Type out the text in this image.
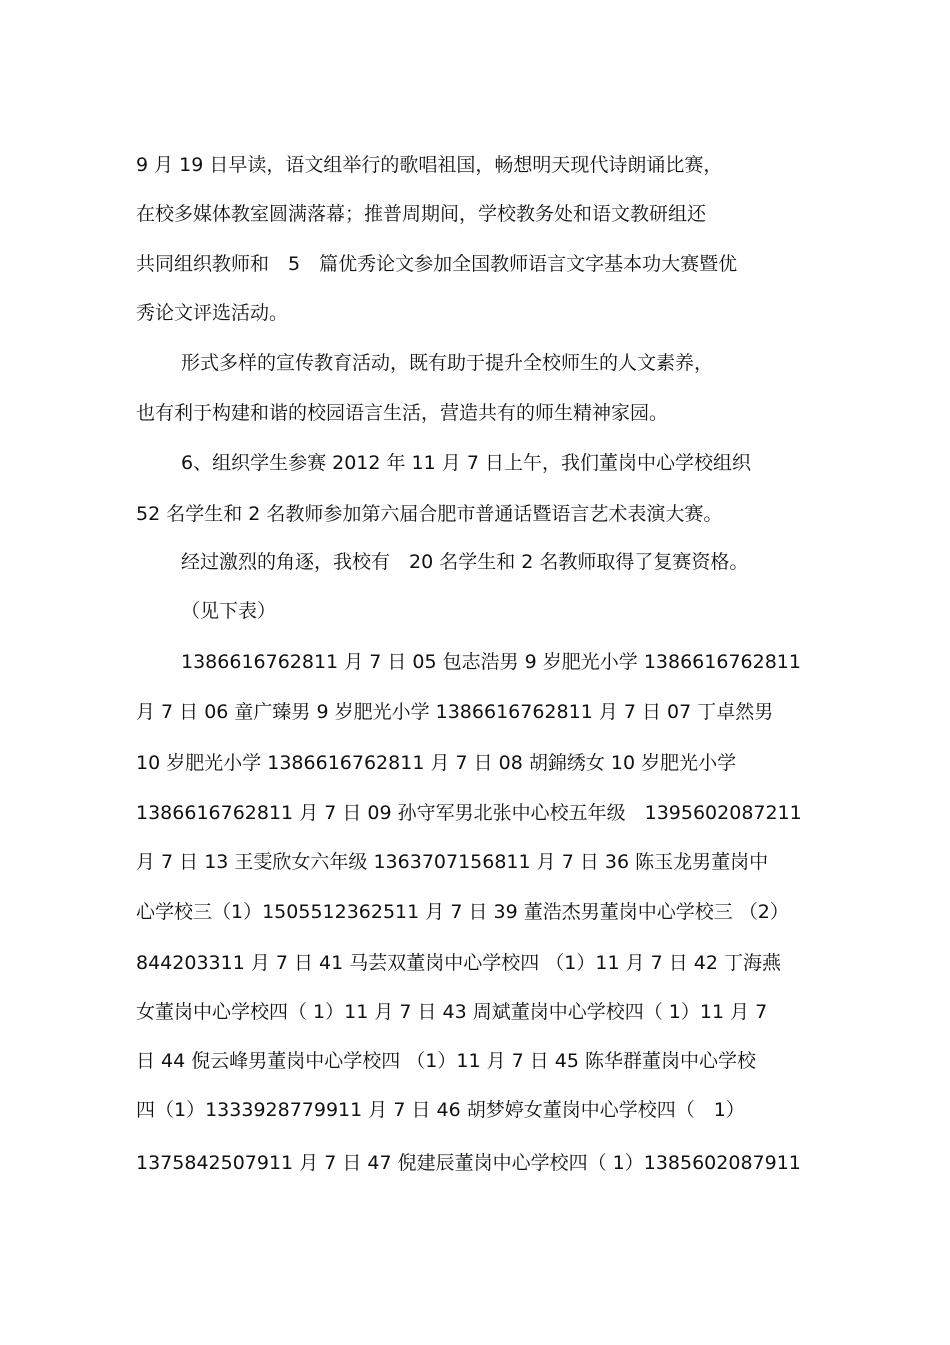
9 月 19 日早读，语文组举行的歌唱祖国，畅想明天现代诗朗诵比赛，
在校多媒体教室圆满落幕；推普周期间，学校教务处和语文教研组还
共同组织教师和　5　篇优秀论文参加全国教师语言文字基本功大赛暨优
秀论文评选活动。
形式多样的宣传教育活动，既有助于提升全校师生的人文素养，
也有利于构建和谐的校园语言生活，营造共有的师生精神家园。
6、组织学生参赛 2012 年 11 月 7 日上午，我们董岗中心学校组织
52 名学生和 2 名教师参加第六届合肥市普通话暨语言艺术表演大赛。
经过激烈的角逐，我校有　20 名学生和 2 名教师取得了复赛资格。
（见下表）
1386616762811 月 7 日 05 包志浩男 9 岁肥光小学 1386616762811
月 7 日 06 童广臻男 9 岁肥光小学 1386616762811 月 7 日 07 丁卓然男
10 岁肥光小学 1386616762811 月 7 日 08 胡錦绣女 10 岁肥光小学
1386616762811 月 7 日 09 孙守军男北张中心校五年级　1395602087211
月 7 日 13 王雯欣女六年级 1363707156811 月 7 日 36 陈玉龙男董岗中
心学校三（1）1505512362511 月 7 日 39 董浩杰男董岗中心学校三 （2）
844203311 月 7 日 41 马芸双董岗中心学校四 （1）11 月 7 日 42 丁海燕
女董岗中心学校四（ 1）11 月 7 日 43 周斌董岗中心学校四（ 1）11 月 7
日 44 倪云峰男董岗中心学校四 （1）11 月 7 日 45 陈华群董岗中心学校
四（1）1333928779911 月 7 日 46 胡梦婷女董岗中心学校四（　1）
1375842507911 月 7 日 47 倪建辰董岗中心学校四（ 1）1385602087911
